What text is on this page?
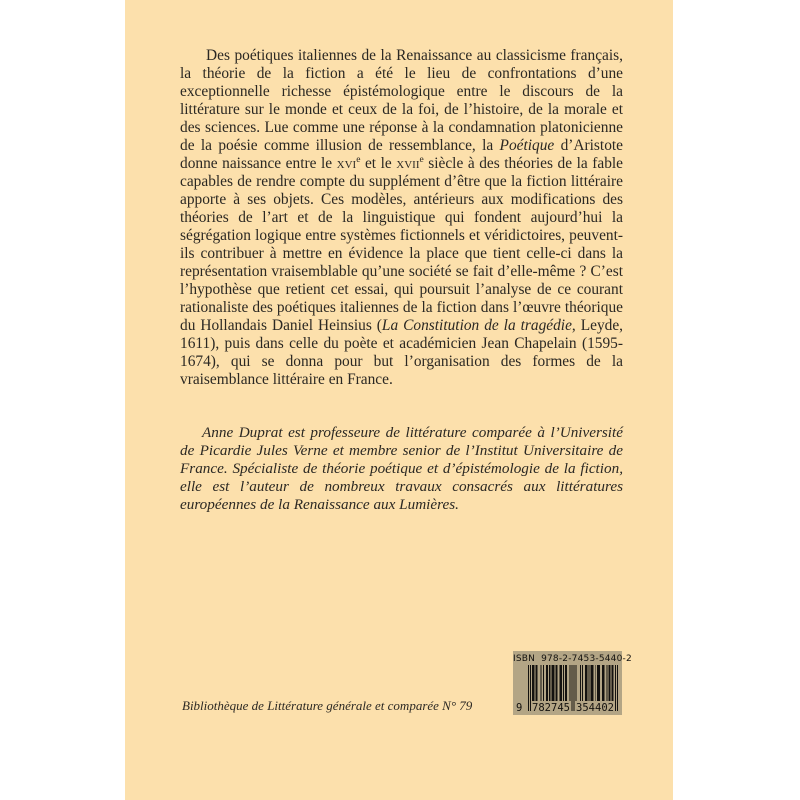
Des poétiques italiennes de la Renaissance au classicisme français, la théorie de la fiction a été le lieu de confrontations d’une exceptionnelle richesse épistémologique entre le discours de la littérature sur le monde et ceux de la foi, de l’histoire, de la morale et des sciences. Lue comme une réponse à la condamnation platonicienne de la poésie comme illusion de ressemblance, la Poétique d’Aristote donne naissance entre le xvi$^e$ et le xvii$^e$ siècle à des théories de la fable capables de rendre compte du supplément d’être que la fiction littéraire apporte à ses objets. Ces modèles, antérieurs aux modifications des théories de l’art et de la linguistique qui fondent aujourd’hui la ségrégation logique entre systèmes fictionnels et véridictoires, peuvent-ils contribuer à mettre en évidence la place que tient celle-ci dans la représentation vraisemblable qu’une société se fait d’elle-même ? C’est l’hypothèse que retient cet essai, qui poursuit l’analyse de ce courant rationaliste des poétiques italiennes de la fiction dans l’œuvre théorique du Hollandais Daniel Heinsius (La Constitution de la tragédie, Leyde, 1611), puis dans celle du poète et académicien Jean Chapelain (1595-1674), qui se donna pour but l’organisation des formes de la vraisemblance littéraire en France.

Anne Duprat est professeure de littérature comparée à l’Université de Picardie Jules Verne et membre senior de l’Institut Universitaire de France. Spécialiste de théorie poétique et d’épistémologie de la fiction, elle est l’auteur de nombreux travaux consacrés aux littératures européennes de la Renaissance aux Lumières.

Bibliothèque de Littérature générale et comparée N° 79
ISBN 978-2-7453-5440-2
9 782745 354402
